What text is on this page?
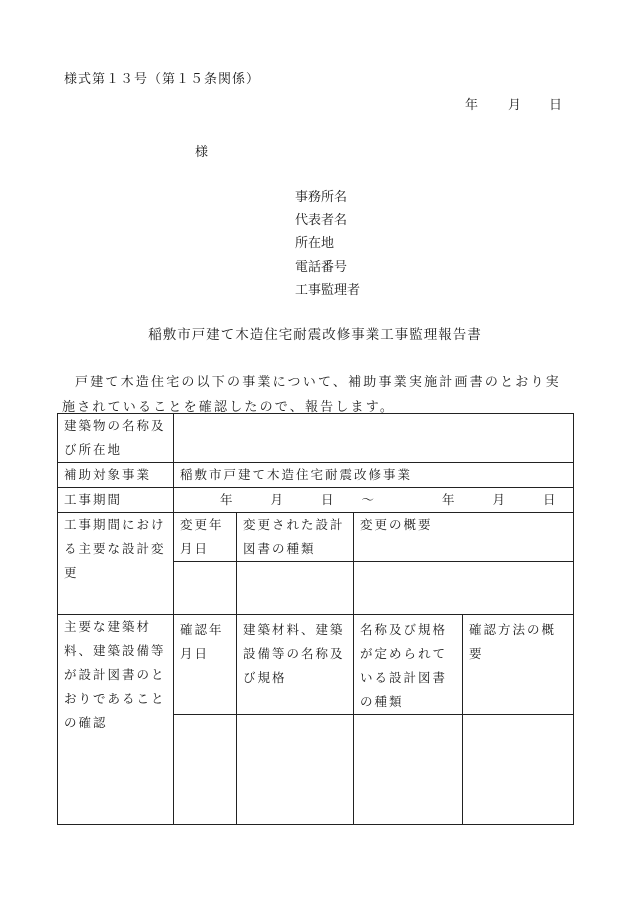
様式第１３号（第１５条関係）
年 月 日
様
事務所名
代表者名
所在地
電話番号
工事監理者
稲敷市戸建て木造住宅耐震改修事業工事監理報告書
戸建て木造住宅の以下の事業について、補助事業実施計画書のとおり実施されていることを確認したので、報告します。
建築物の名称及び所在地				
補助対象事業	稲敷市戸建て木造住宅耐震改修事業			
工事期間	年 月 日 ～ 年 月 日			
工事期間における主要な設計変更	変更年月日	変更された設計図書の種類	変更の概要	

主要な建築材料、建築設備等が設計図書のとおりであることの確認	確認年月日	建築材料、建築設備等の名称及び規格	名称及び規格が定められている設計図書の種類	確認方法の概要
